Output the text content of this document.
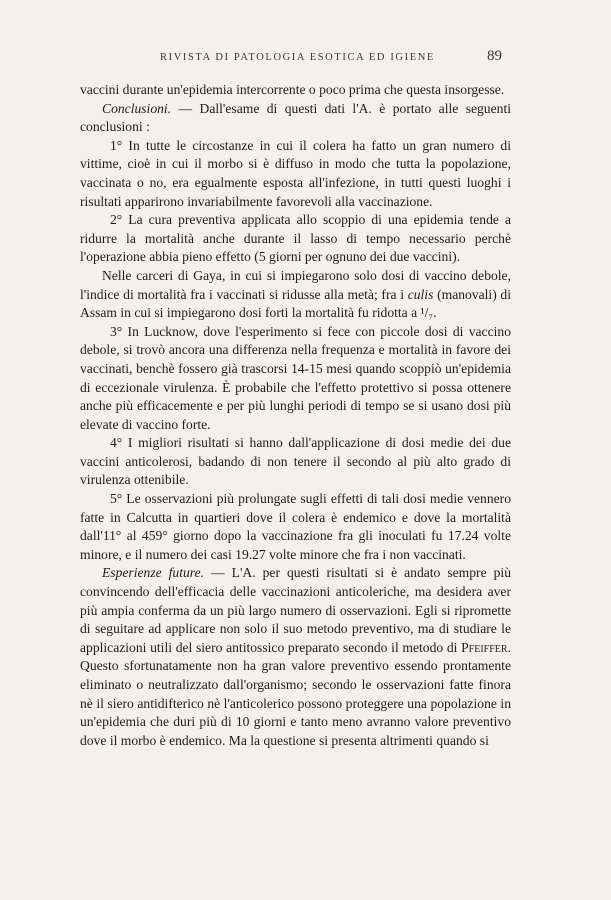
RIVISTA DI PATOLOGIA ESOTICA ED IGIENE	89

vaccini durante un'epidemia intercorrente o poco prima che questa insorgesse.

Conclusioni. — Dall'esame di questi dati l'A. è portato alle seguenti conclusioni :

1° In tutte le circostanze in cui il colera ha fatto un gran numero di vittime, cioè in cui il morbo si è diffuso in modo che tutta la popolazione, vaccinata o no, era egualmente esposta all'infezione, in tutti questi luoghi i risultati apparirono invariabilmente favorevoli alla vaccinazione.

2° La cura preventiva applicata allo scoppio di una epidemia tende a ridurre la mortalità anche durante il lasso di tempo necessario perchè l'operazione abbia pieno effetto (5 giorni per ognuno dei due vaccini).

Nelle carceri di Gaya, in cui si impiegarono solo dosi di vaccino debole, l'indice di mortalità fra i vaccinati si ridusse alla metà; fra i culis (manovali) di Assam in cui si impiegarono dosi forti la mortalità fu ridotta a ¹/₇.

3° In Lucknow, dove l'esperimento si fece con piccole dosi di vaccino debole, si trovò ancora una differenza nella frequenza e mortalità in favore dei vaccinati, benchè fossero già trascorsi 14-15 mesi quando scoppiò un'epidemia di eccezionale virulenza. È probabile che l'effetto protettivo si possa ottenere anche più efficacemente e per più lunghi periodi di tempo se si usano dosi più elevate di vaccino forte.

4° I migliori risultati si hanno dall'applicazione di dosi medie dei due vaccini anticolerosi, badando di non tenere il secondo al più alto grado di virulenza ottenibile.

5° Le osservazioni più prolungate sugli effetti di tali dosi medie vennero fatte in Calcutta in quartieri dove il colera è endemico e dove la mortalità dall'11° al 459° giorno dopo la vaccinazione fra gli inoculati fu 17.24 volte minore, e il numero dei casi 19.27 volte minore che fra i non vaccinati.

Esperienze future. — L'A. per questi risultati si è andato sempre più convincendo dell'efficacia delle vaccinazioni anticoleriche, ma desidera aver più ampia conferma da un più largo numero di osservazioni. Egli si ripromette di seguitare ad applicare non solo il suo metodo preventivo, ma di studiare le applicazioni utili del siero antitossico preparato secondo il metodo di Pfeiffer. Questo sfortunatamente non ha gran valore preventivo essendo prontamente eliminato o neutralizzato dall'organismo; secondo le osservazioni fatte finora nè il siero antidifterico nè l'anticolerico possono proteggere una popolazione in un'epidemia che duri più di 10 giorni e tanto meno avranno valore preventivo dove il morbo è endemico. Ma la questione si presenta altrimenti quando si
